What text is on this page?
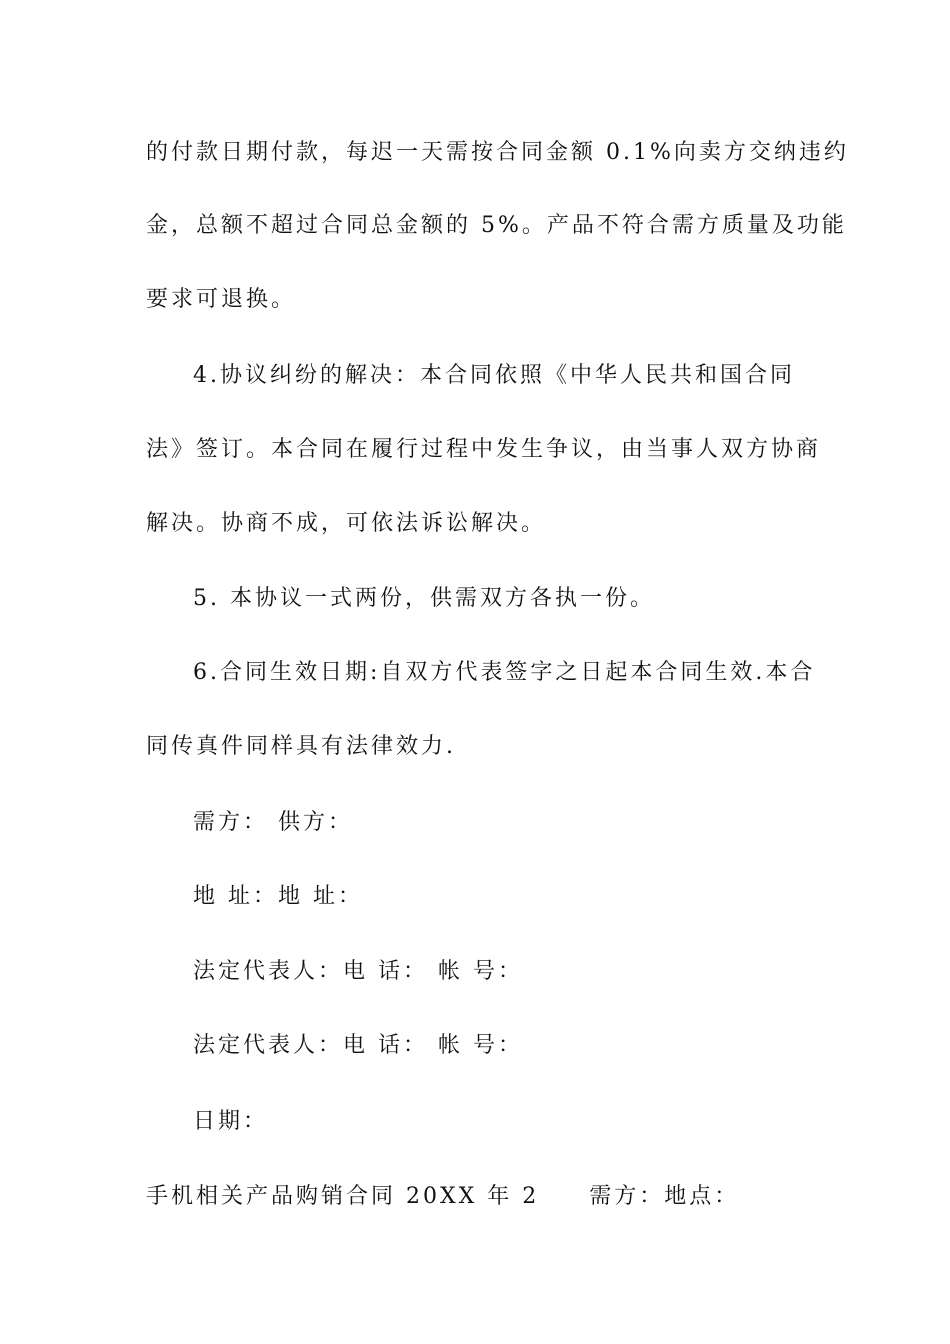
的付款日期付款，每迟一天需按合同金额 0.1%向卖方交纳违约
金，总额不超过合同总金额的 5%。产品不符合需方质量及功能
要求可退换。
4.协议纠纷的解决：本合同依照《中华人民共和国合同
法》签订。本合同在履行过程中发生争议，由当事人双方协商
解决。协商不成，可依法诉讼解决。
5. 本协议一式两份，供需双方各执一份。
6.合同生效日期:自双方代表签字之日起本合同生效.本合
同传真件同样具有法律效力.
需方： 供方：
地 址：地 址：
法定代表人：电 话： 帐 号：
法定代表人：电 话： 帐 号：
日期：
手机相关产品购销合同 20XX 年 2 需方：地点：
